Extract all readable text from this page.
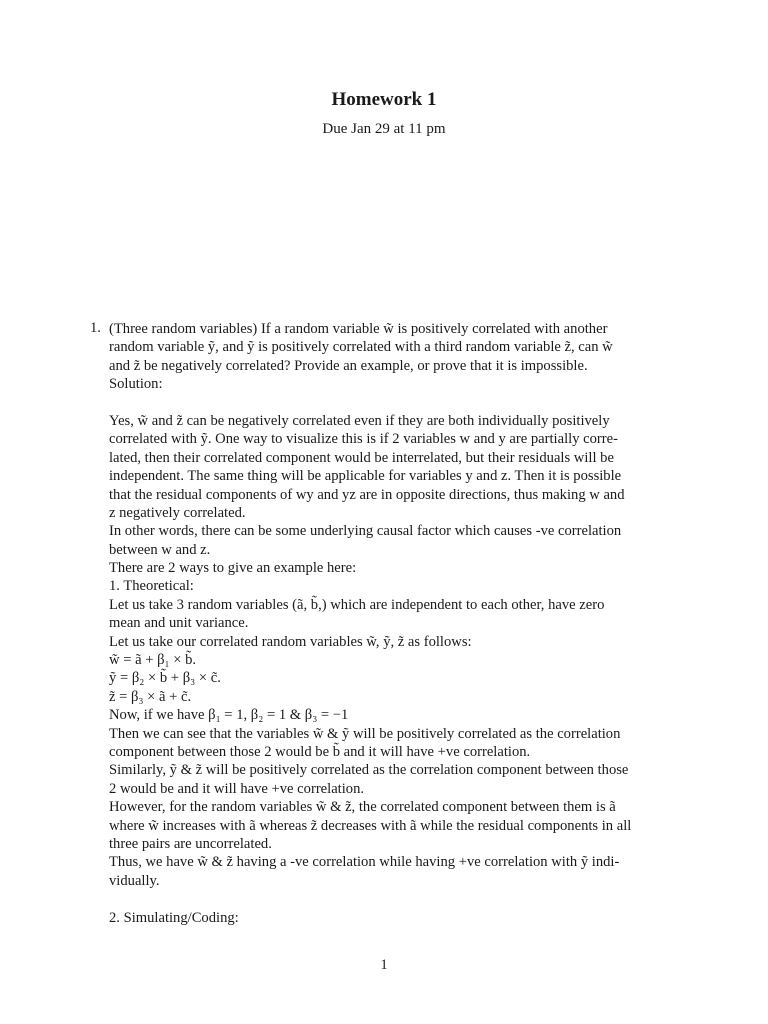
Homework 1
Due Jan 29 at 11 pm
1. (Three random variables) If a random variable w̃ is positively correlated with another
random variable ỹ, and ỹ is positively correlated with a third random variable z̃, can w̃
and z̃ be negatively correlated? Provide an example, or prove that it is impossible.
Solution:
Yes, w̃ and z̃ can be negatively correlated even if they are both individually positively
correlated with ỹ. One way to visualize this is if 2 variables w and y are partially corre-
lated, then their correlated component would be interrelated, but their residuals will be
independent. The same thing will be applicable for variables y and z. Then it is possible
that the residual components of wy and yz are in opposite directions, thus making w and
z negatively correlated.
In other words, there can be some underlying causal factor which causes -ve correlation
between w and z.
There are 2 ways to give an example here:
1. Theoretical:
Let us take 3 random variables (ã, b̃,) which are independent to each other, have zero
mean and unit variance.
Let us take our correlated random variables w̃, ỹ, z̃ as follows:
w̃ = ã + β₁ × b̃.
ỹ = β₂ × b̃ + β₃ × c̃.
z̃ = β₃ × ã + c̃.
Now, if we have β₁ = 1, β₂ = 1 & β₃ = −1
Then we can see that the variables w̃ & ỹ will be positively correlated as the correlation
component between those 2 would be b̃ and it will have +ve correlation.
Similarly, ỹ & z̃ will be positively correlated as the correlation component between those
2 would be and it will have +ve correlation.
However, for the random variables w̃ & z̃, the correlated component between them is ã
where w̃ increases with ã whereas z̃ decreases with ã while the residual components in all
three pairs are uncorrelated.
Thus, we have w̃ & z̃ having a -ve correlation while having +ve correlation with ỹ indi-
vidually.
2. Simulating/Coding:
1
